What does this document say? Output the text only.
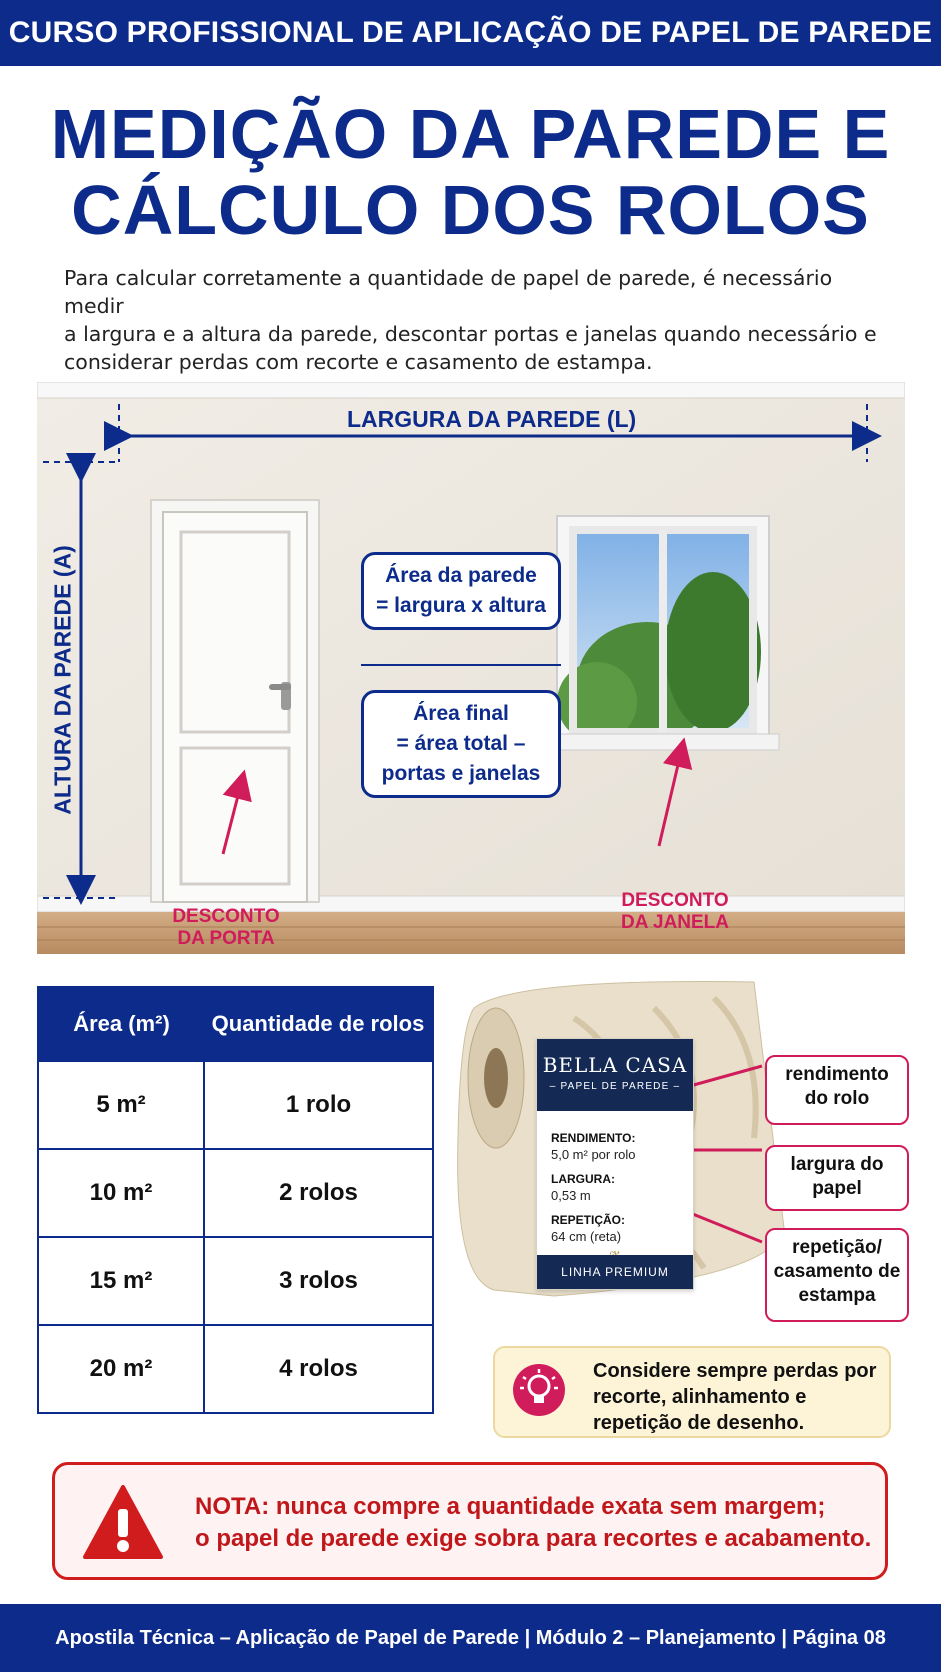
CURSO PROFISSIONAL DE APLICAÇÃO DE PAPEL DE PAREDE
MEDIÇÃO DA PAREDE E
CÁLCULO DOS ROLOS
Para calcular corretamente a quantidade de papel de parede, é necessário medir
a largura e a altura da parede, descontar portas e janelas quando necessário e
considerar perdas com recorte e casamento de estampa.
LARGURA DA PAREDE (L)
ALTURA DA PAREDE (A)	Área da parede
= largura x altura
Área final
= área total –
portas e janelas
DESCONTO
DA PORTA
DESCONTO
DA JANELA
Área (m²)	Quantidade de rolos
5 m²	1 rolo
10 m²	2 rolos
15 m²	3 rolos
20 m²	4 rolos
BELLA CASA
– PAPEL DE PAREDE –
RENDIMENTO:
5,0 m² por rolo
LARGURA:
0,53 m
REPETIÇÃO:
64 cm (reta)
LINHA PREMIUM
rendimento
do rolo
largura do
papel
repetição/
casamento de
estampa
Considere sempre perdas por
recorte, alinhamento e
repetição de desenho.
NOTA: nunca compre a quantidade exata sem margem;
o papel de parede exige sobra para recortes e acabamento.
Apostila Técnica – Aplicação de Papel de Parede | Módulo 2 – Planejamento | Página 08
